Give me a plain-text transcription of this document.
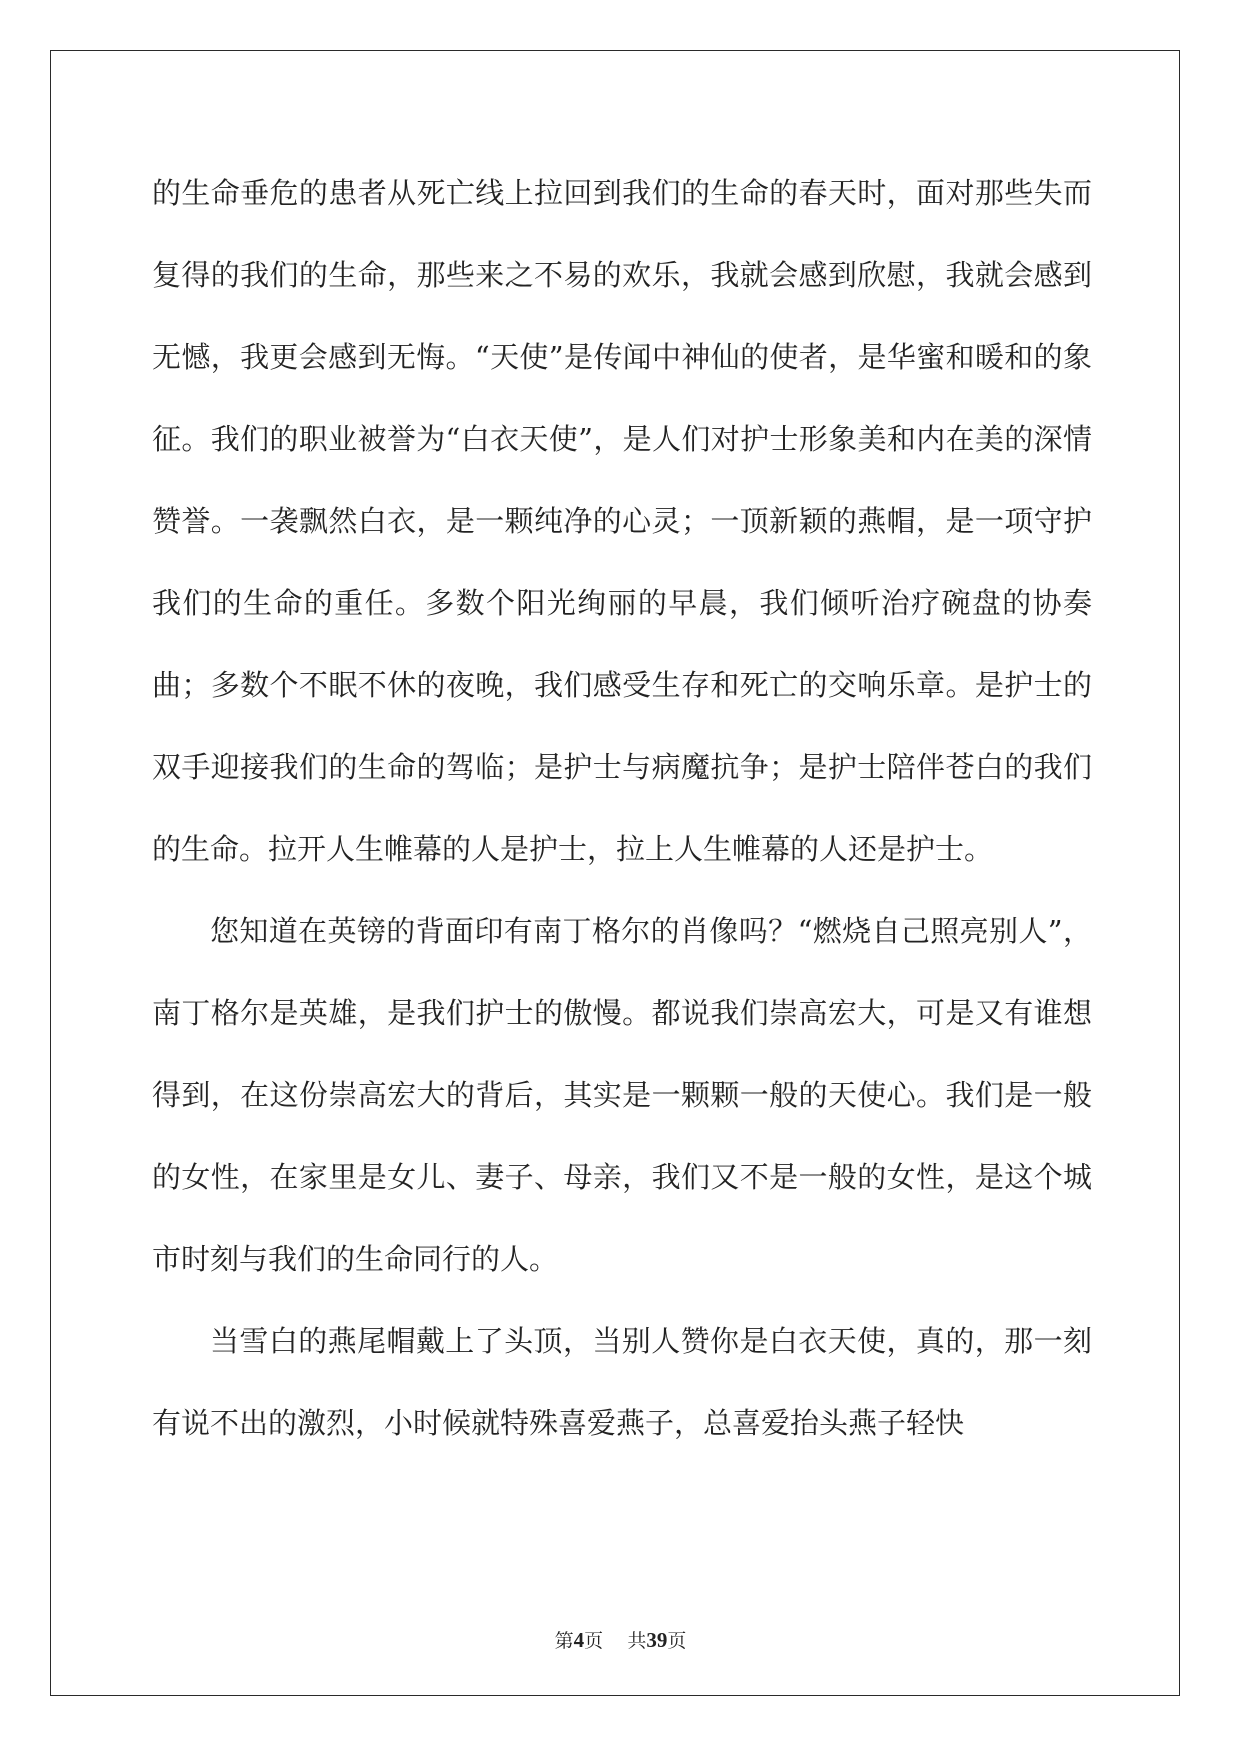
的生命垂危的患者从死亡线上拉回到我们的生命的春天时，面对那些失而复得的我们的生命，那些来之不易的欢乐，我就会感到欣慰，我就会感到无憾，我更会感到无悔。“天使”是传闻中神仙的使者，是华蜜和暖和的象征。我们的职业被誉为“白衣天使”，是人们对护士形象美和内在美的深情赞誉。一袭飘然白衣，是一颗纯净的心灵；一顶新颖的燕帽，是一项守护我们的生命的重任。多数个阳光绚丽的早晨，我们倾听治疗碗盘的协奏曲；多数个不眠不休的夜晚，我们感受生存和死亡的交响乐章。是护士的双手迎接我们的生命的驾临；是护士与病魔抗争；是护士陪伴苍白的我们的生命。拉开人生帷幕的人是护士，拉上人生帷幕的人还是护士。

您知道在英镑的背面印有南丁格尔的肖像吗？“燃烧自己照亮别人”，南丁格尔是英雄，是我们护士的傲慢。都说我们崇高宏大，可是又有谁想得到，在这份崇高宏大的背后，其实是一颗颗一般的天使心。我们是一般的女性，在家里是女儿、妻子、母亲，我们又不是一般的女性，是这个城市时刻与我们的生命同行的人。

当雪白的燕尾帽戴上了头顶，当别人赞你是白衣天使，真的，那一刻有说不出的激烈，小时候就特殊喜爱燕子，总喜爱抬头燕子轻快

第4页 共39页
